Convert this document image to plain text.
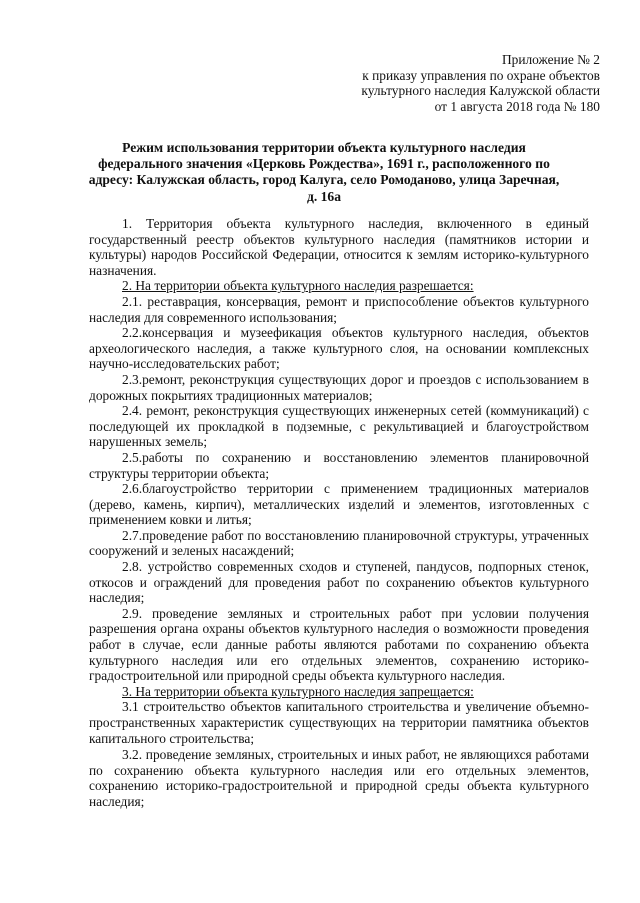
Приложение № 2
к приказу управления по охране объектов
культурного наследия Калужской области
от 1 августа 2018 года № 180
Режим использования территории объекта культурного наследия федерального значения «Церковь Рождества», 1691 г., расположенного по адресу: Калужская область, город Калуга, село Ромоданово, улица Заречная, д. 16а

1. Территория объекта культурного наследия, включенного в единый государственный реестр объектов культурного наследия (памятников истории и культуры) народов Российской Федерации, относится к землям историко-культурного назначения.

2. На территории объекта культурного наследия разрешается:

2.1. реставрация, консервация, ремонт и приспособление объектов культурного наследия для современного использования;

2.2.консервация и музеефикация объектов культурного наследия, объектов археологического наследия, а также культурного слоя, на основании комплексных научно-исследовательских работ;

2.3.ремонт, реконструкция существующих дорог и проездов с использованием в дорожных покрытиях традиционных материалов;

2.4. ремонт, реконструкция существующих инженерных сетей (коммуникаций) с последующей их прокладкой в подземные, с рекультивацией и благоустройством нарушенных земель;

2.5.работы по сохранению и восстановлению элементов планировочной структуры территории объекта;

2.6.благоустройство территории с применением традиционных материалов (дерево, камень, кирпич), металлических изделий и элементов, изготовленных с применением ковки и литья;

2.7.проведение работ по восстановлению планировочной структуры, утраченных сооружений и зеленых насаждений;

2.8. устройство современных сходов и ступеней, пандусов, подпорных стенок, откосов и ограждений для проведения работ по сохранению объектов культурного наследия;

2.9. проведение земляных и строительных работ при условии получения разрешения органа охраны объектов культурного наследия о возможности проведения работ в случае, если данные работы являются работами по сохранению объекта культурного наследия или его отдельных элементов, сохранению историко-градостроительной или природной среды объекта культурного наследия.

3. На территории объекта культурного наследия запрещается:

3.1 строительство объектов капитального строительства и увеличение объемно-пространственных характеристик существующих на территории памятника объектов капитального строительства;

3.2. проведение земляных, строительных и иных работ, не являющихся работами по сохранению объекта культурного наследия или его отдельных элементов, сохранению историко-градостроительной и природной среды объекта культурного наследия;
